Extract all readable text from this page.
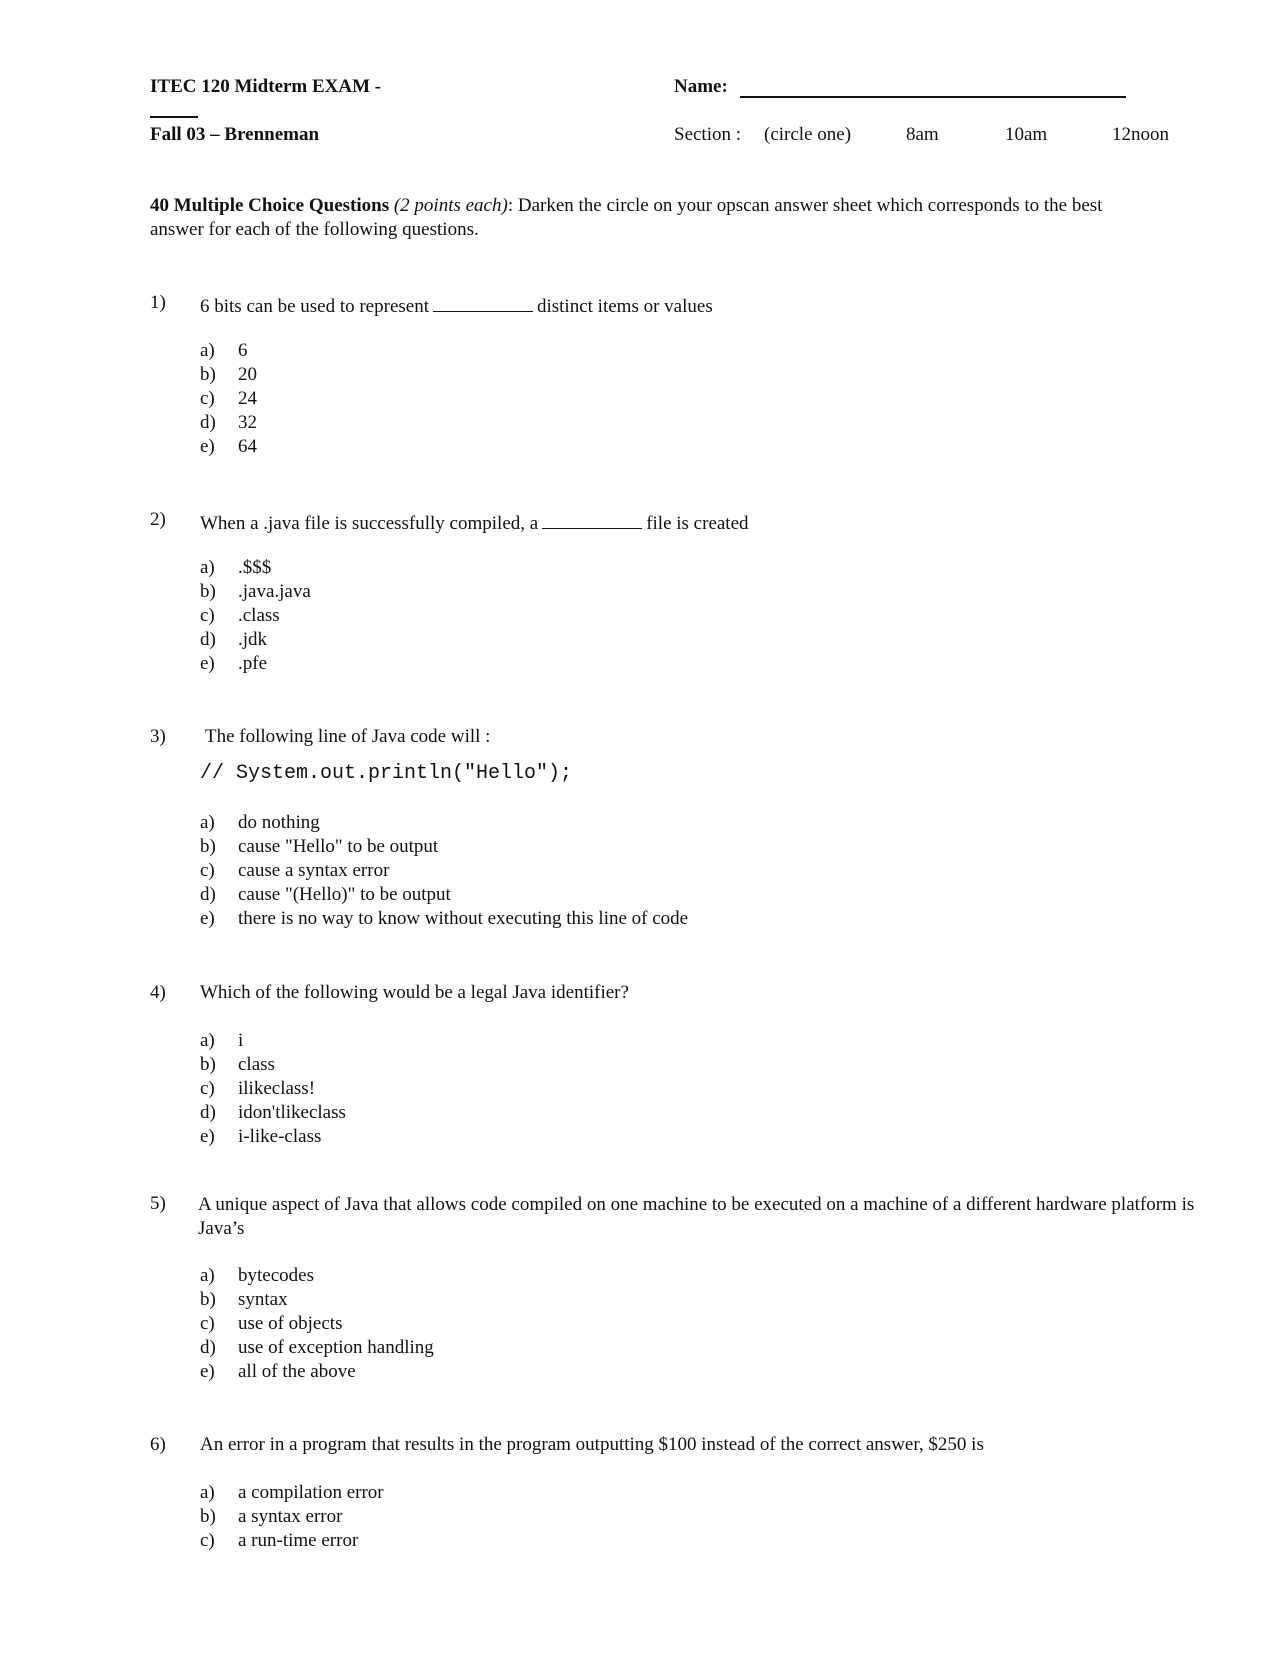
ITEC 120 Midterm EXAM -
Fall 03 – Brenneman
Name:
Section : (circle one)	8am	10am	12noon
40 Multiple Choice Questions (2 points each): Darken the circle on your opscan answer sheet which corresponds to the best answer for each of the following questions.
1) 6 bits can be used to represent	distinct items or values
a)	6
b)	20
c)	24
d)	32
e)	64
2) When a .java file is successfully compiled, a	file is created
a)	.$$$
b)	.java.java
c)	.class
d)	.jdk
e)	.pfe
3) The following line of Java code will :
// System.out.println("Hello");
a)	do nothing
b)	cause "Hello" to be output
c)	cause a syntax error
d)	cause "(Hello)" to be output
e)	there is no way to know without executing this line of code
4) Which of the following would be a legal Java identifier?
a)	i
b)	class
c)	ilikeclass!
d)	idon'tlikeclass
e)	i-like-class
5) A unique aspect of Java that allows code compiled on one machine to be executed on a machine of a different hardware platform is Java’s
a)	bytecodes
b)	syntax
c)	use of objects
d)	use of exception handling
e)	all of the above
6) An error in a program that results in the program outputting $100 instead of the correct answer, $250 is
a)	a compilation error
b)	a syntax error
c)	a run-time error
